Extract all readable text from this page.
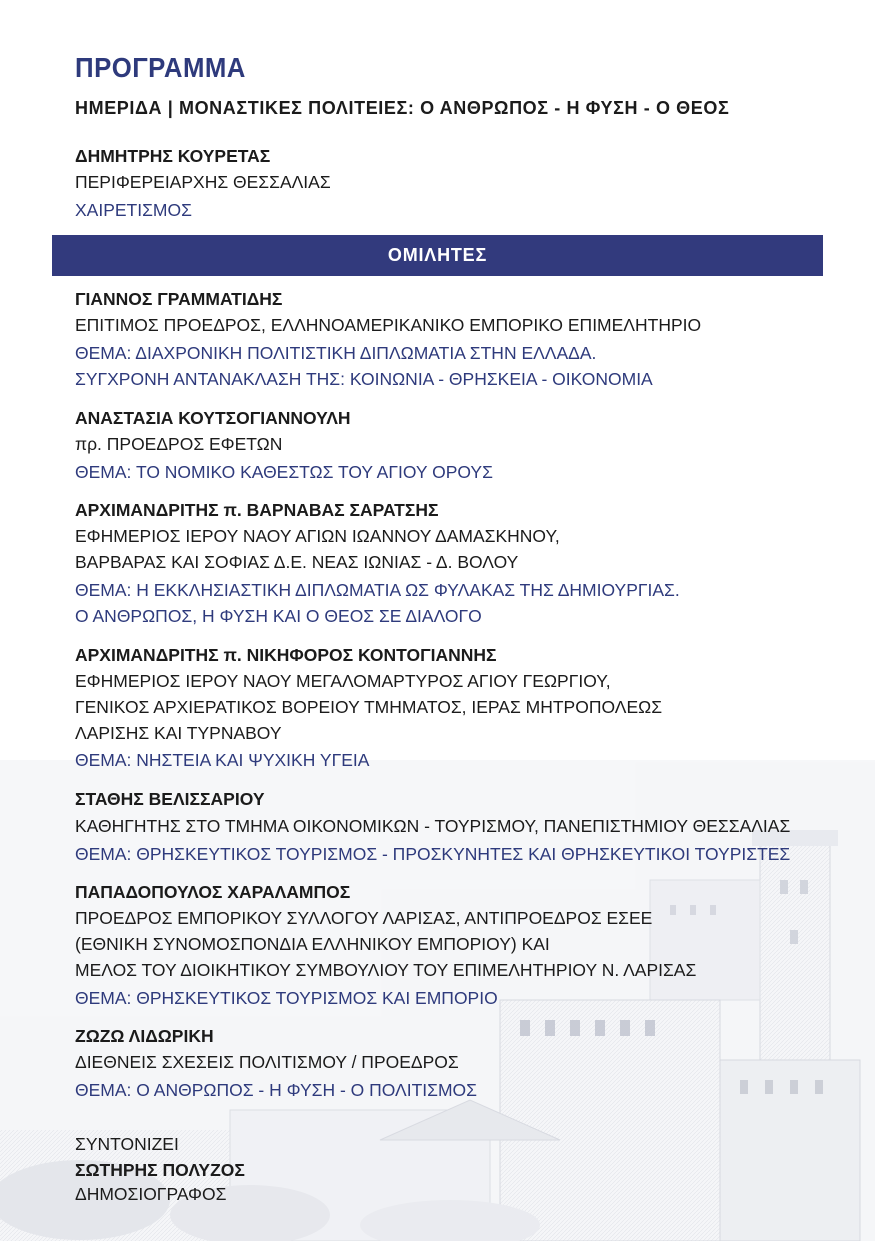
ΠΡΟΓΡΑΜΜΑ
ΗΜΕΡΙΔΑ | ΜΟΝΑΣΤΙΚΕΣ ΠΟΛΙΤΕΙΕΣ: Ο ΑΝΘΡΩΠΟΣ - Η ΦΥΣΗ - Ο ΘΕΟΣ
ΔΗΜΗΤΡΗΣ ΚΟΥΡΕΤΑΣ
ΠΕΡΙΦΕΡΕΙΑΡΧΗΣ ΘΕΣΣΑΛΙΑΣ
ΧΑΙΡΕΤΙΣΜΟΣ
ΟΜΙΛΗΤΕΣ
ΓΙΑΝΝΟΣ ΓΡΑΜΜΑΤΙΔΗΣ
ΕΠΙΤΙΜΟΣ ΠΡΟΕΔΡΟΣ, ΕΛΛΗΝΟΑΜΕΡΙΚΑΝΙΚΟ ΕΜΠΟΡΙΚΟ ΕΠΙΜΕΛΗΤΗΡΙΟ
ΘΕΜΑ: ΔΙΑΧΡΟΝΙΚΗ ΠΟΛΙΤΙΣΤΙΚΗ ΔΙΠΛΩΜΑΤΙΑ ΣΤΗΝ ΕΛΛΑΔΑ.
ΣΥΓΧΡΟΝΗ ΑΝΤΑΝΑΚΛΑΣΗ ΤΗΣ: ΚΟΙΝΩΝΙΑ - ΘΡΗΣΚΕΙΑ - ΟΙΚΟΝΟΜΙΑ
ΑΝΑΣΤΑΣΙΑ ΚΟΥΤΣΟΓΙΑΝΝΟΥΛΗ
πρ. ΠΡΟΕΔΡΟΣ ΕΦΕΤΩΝ
ΘΕΜΑ: ΤΟ ΝΟΜΙΚΟ ΚΑΘΕΣΤΩΣ ΤΟΥ ΑΓΙΟΥ ΟΡΟΥΣ
ΑΡΧΙΜΑΝΔΡΙΤΗΣ π. ΒΑΡΝΑΒΑΣ ΣΑΡΑΤΣΗΣ
ΕΦΗΜΕΡΙΟΣ ΙΕΡΟΥ ΝΑΟΥ ΑΓΙΩΝ ΙΩΑΝΝΟΥ ΔΑΜΑΣΚΗΝΟΥ,
ΒΑΡΒΑΡΑΣ ΚΑΙ ΣΟΦΙΑΣ Δ.Ε. ΝΕΑΣ ΙΩΝΙΑΣ - Δ. ΒΟΛΟΥ
ΘΕΜΑ: Η ΕΚΚΛΗΣΙΑΣΤΙΚΗ ΔΙΠΛΩΜΑΤΙΑ ΩΣ ΦΥΛΑΚΑΣ ΤΗΣ ΔΗΜΙΟΥΡΓΙΑΣ.
Ο ΑΝΘΡΩΠΟΣ, Η ΦΥΣΗ ΚΑΙ Ο ΘΕΟΣ ΣΕ ΔΙΑΛΟΓΟ
ΑΡΧΙΜΑΝΔΡΙΤΗΣ π. ΝΙΚΗΦΟΡΟΣ ΚΟΝΤΟΓΙΑΝΝΗΣ
ΕΦΗΜΕΡΙΟΣ ΙΕΡΟΥ ΝΑΟΥ ΜΕΓΑΛΟΜΑΡΤΥΡΟΣ ΑΓΙΟΥ ΓΕΩΡΓΙΟΥ,
ΓΕΝΙΚΟΣ ΑΡΧΙΕΡΑΤΙΚΟΣ ΒΟΡΕΙΟΥ ΤΜΗΜΑΤΟΣ, ΙΕΡΑΣ ΜΗΤΡΟΠΟΛΕΩΣ
ΛΑΡΙΣΗΣ ΚΑΙ ΤΥΡΝΑΒΟΥ
ΘΕΜΑ: ΝΗΣΤΕΙΑ ΚΑΙ ΨΥΧΙΚΗ ΥΓΕΙΑ
ΣΤΑΘΗΣ ΒΕΛΙΣΣΑΡΙΟΥ
ΚΑΘΗΓΗΤΗΣ ΣΤΟ ΤΜΗΜΑ ΟΙΚΟΝΟΜΙΚΩΝ - ΤΟΥΡΙΣΜΟΥ, ΠΑΝΕΠΙΣΤΗΜΙΟΥ ΘΕΣΣΑΛΙΑΣ
ΘΕΜΑ: ΘΡΗΣΚΕΥΤΙΚΟΣ ΤΟΥΡΙΣΜΟΣ - ΠΡΟΣΚΥΝΗΤΕΣ ΚΑΙ ΘΡΗΣΚΕΥΤΙΚΟΙ ΤΟΥΡΙΣΤΕΣ
ΠΑΠΑΔΟΠΟΥΛΟΣ ΧΑΡΑΛΑΜΠΟΣ
ΠΡΟΕΔΡΟΣ ΕΜΠΟΡΙΚΟΥ ΣΥΛΛΟΓΟΥ ΛΑΡΙΣΑΣ, ΑΝΤΙΠΡΟΕΔΡΟΣ ΕΣΕΕ
(ΕΘΝΙΚΗ ΣΥΝΟΜΟΣΠΟΝΔΙΑ ΕΛΛΗΝΙΚΟΥ ΕΜΠΟΡΙΟΥ) ΚΑΙ
ΜΕΛΟΣ ΤΟΥ ΔΙΟΙΚΗΤΙΚΟΥ ΣΥΜΒΟΥΛΙΟΥ ΤΟΥ ΕΠΙΜΕΛΗΤΗΡΙΟΥ Ν. ΛΑΡΙΣΑΣ
ΘΕΜΑ: ΘΡΗΣΚΕΥΤΙΚΟΣ ΤΟΥΡΙΣΜΟΣ ΚΑΙ ΕΜΠΟΡΙΟ
ΖΩΖΩ ΛΙΔΩΡΙΚΗ
ΔΙΕΘΝΕΙΣ ΣΧΕΣΕΙΣ ΠΟΛΙΤΙΣΜΟΥ / ΠΡΟΕΔΡΟΣ
ΘΕΜΑ: Ο ΑΝΘΡΩΠΟΣ - Η ΦΥΣΗ - Ο ΠΟΛΙΤΙΣΜΟΣ
ΣΥΝΤΟΝΙΖΕΙ
ΣΩΤΗΡΗΣ ΠΟΛΥΖΟΣ
ΔΗΜΟΣΙΟΓΡΑΦΟΣ
